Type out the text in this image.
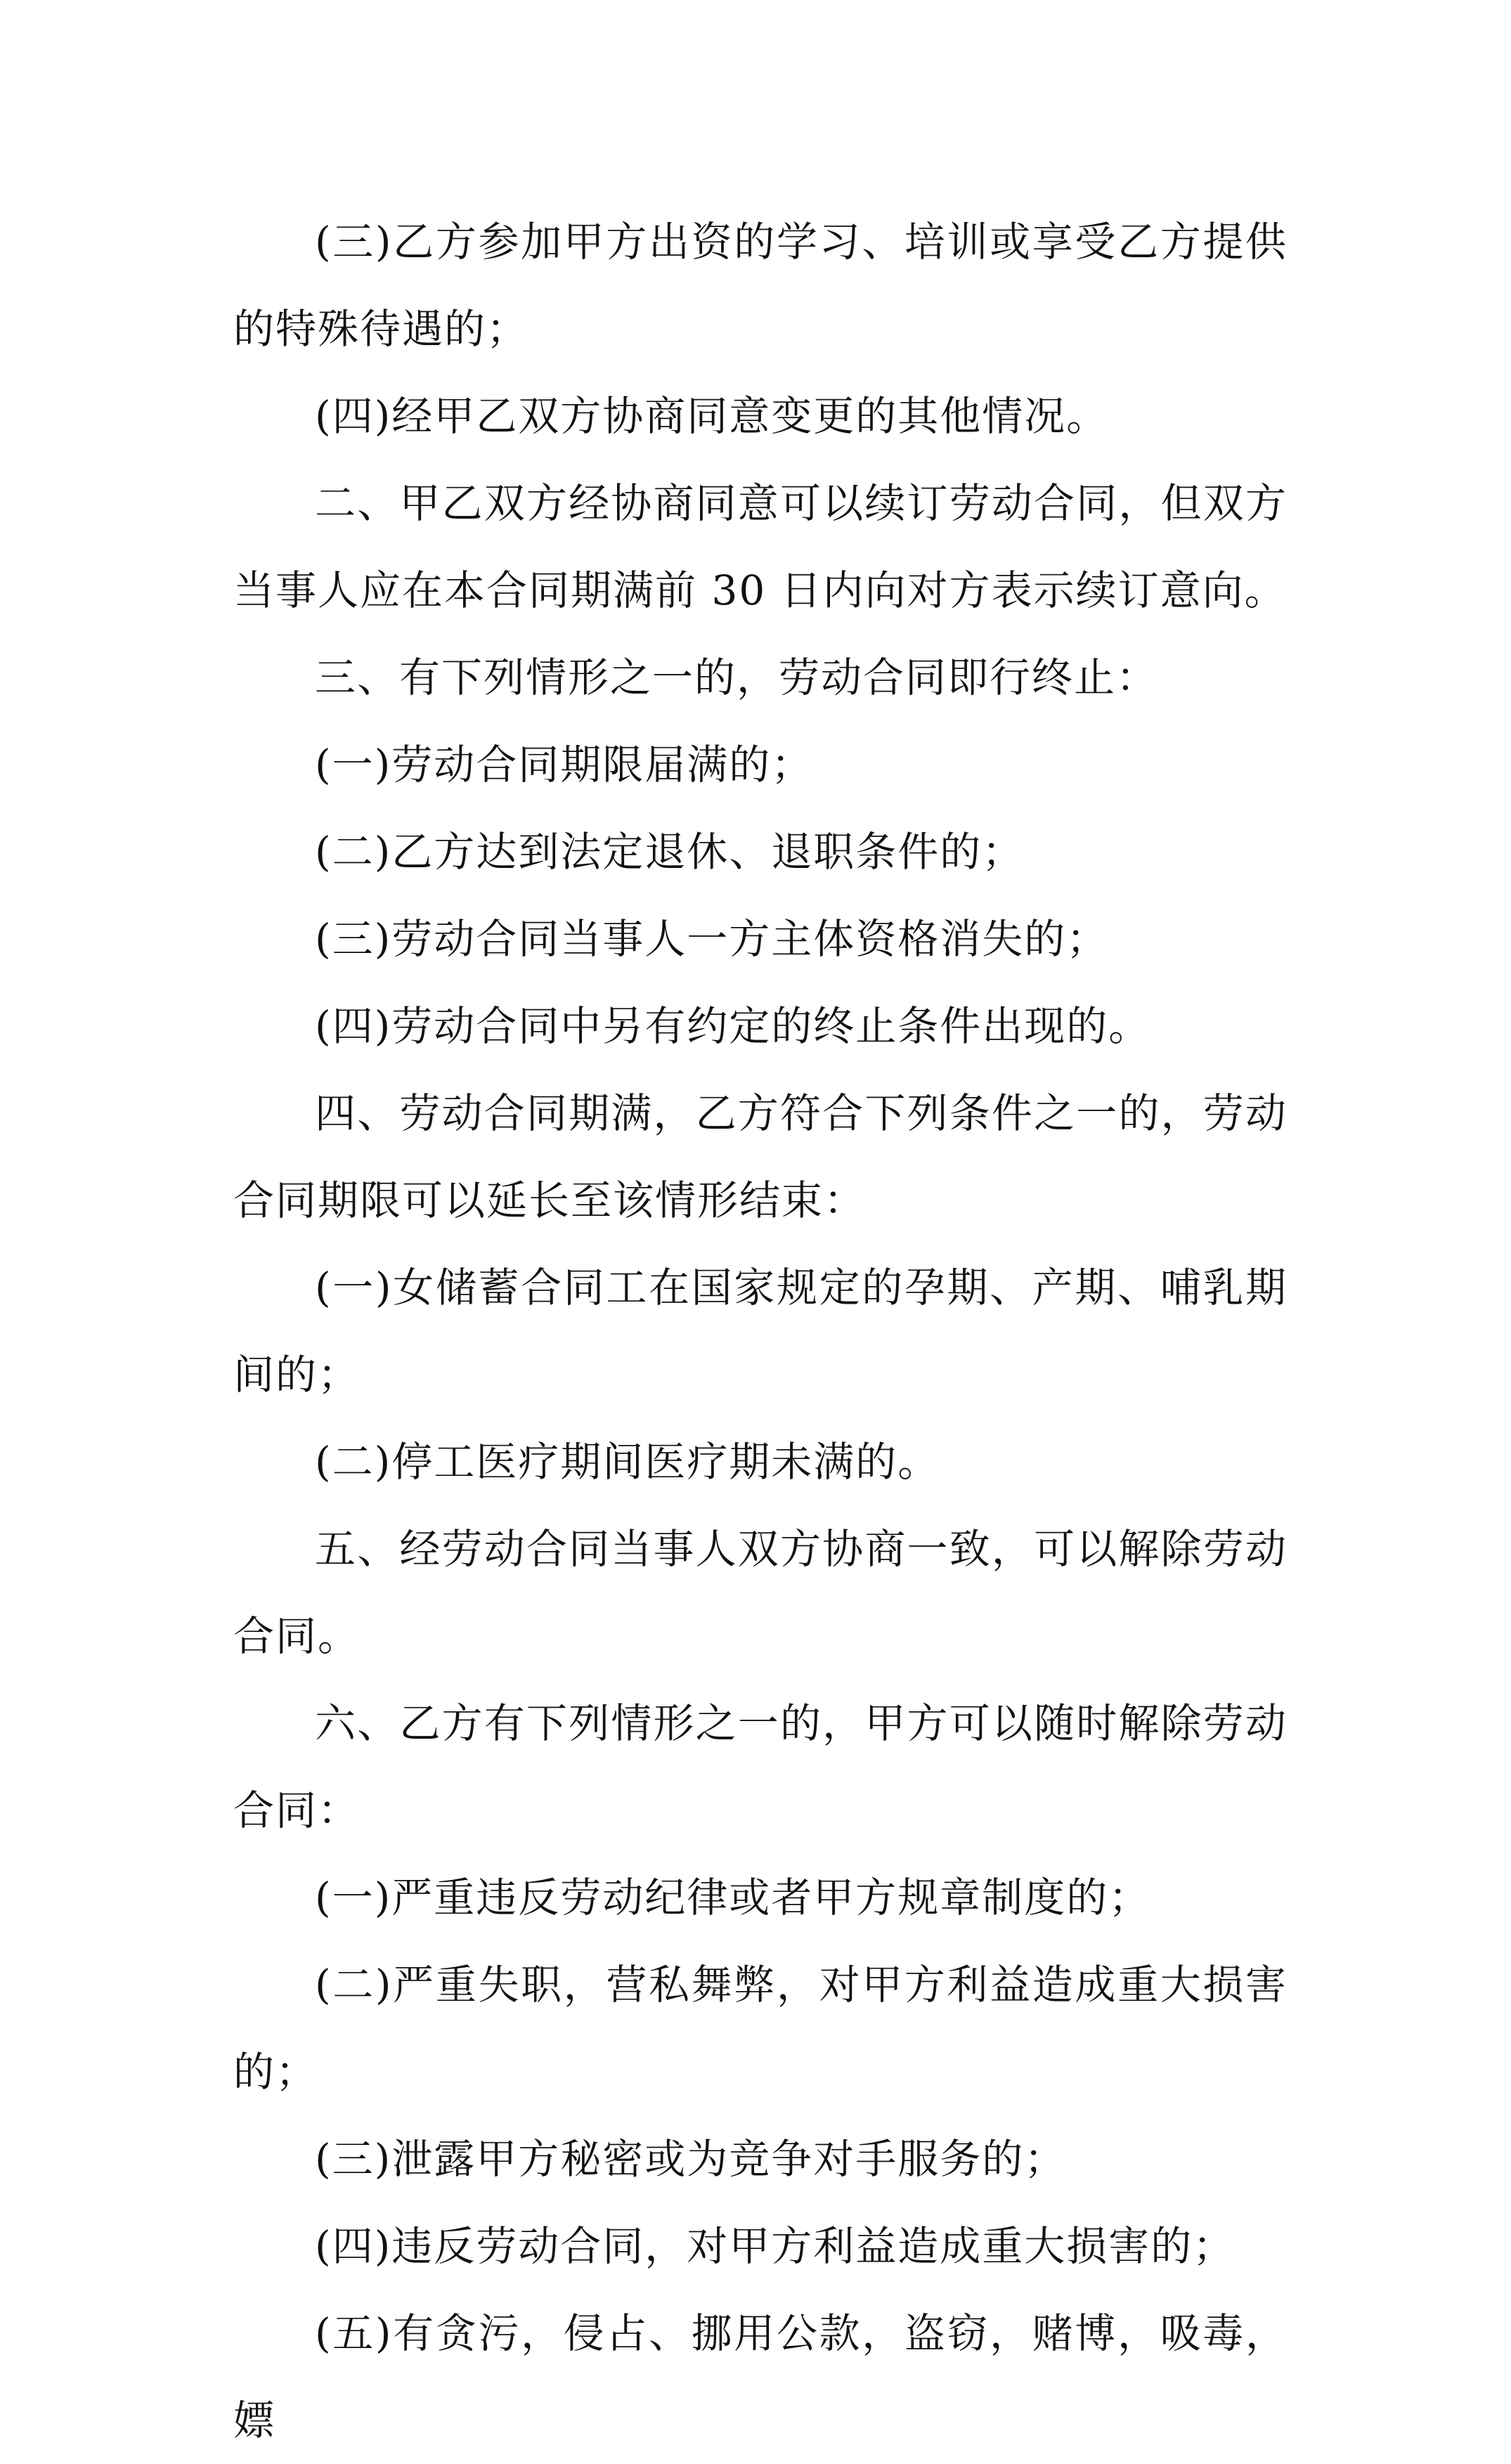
(三)乙方参加甲方出资的学习、培训或享受乙方提供的特殊待遇的；

(四)经甲乙双方协商同意变更的其他情况。

二、甲乙双方经协商同意可以续订劳动合同，但双方当事人应在本合同期满前 30 日内向对方表示续订意向。

三、有下列情形之一的，劳动合同即行终止：

(一)劳动合同期限届满的；

(二)乙方达到法定退休、退职条件的；

(三)劳动合同当事人一方主体资格消失的；

(四)劳动合同中另有约定的终止条件出现的。

四、劳动合同期满，乙方符合下列条件之一的，劳动合同期限可以延长至该情形结束：

(一)女储蓄合同工在国家规定的孕期、产期、哺乳期间的；

(二)停工医疗期间医疗期未满的。

五、经劳动合同当事人双方协商一致，可以解除劳动合同。

六、乙方有下列情形之一的，甲方可以随时解除劳动合同：

(一)严重违反劳动纪律或者甲方规章制度的；

(二)严重失职，营私舞弊，对甲方利益造成重大损害的；

(三)泄露甲方秘密或为竞争对手服务的；

(四)违反劳动合同，对甲方利益造成重大损害的；

(五)有贪污，侵占、挪用公款，盗窃，赌博，吸毒，嫖
